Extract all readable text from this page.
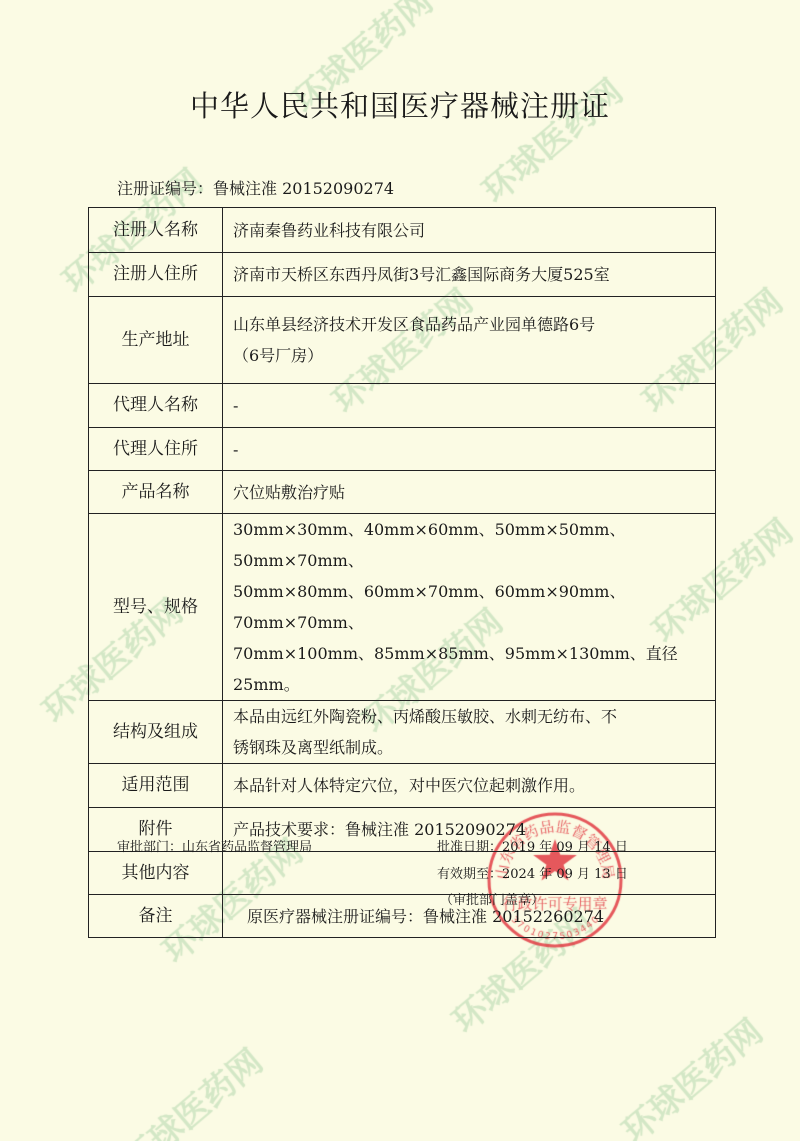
中华人民共和国医疗器械注册证
注册证编号：鲁械注准 20152090274
注册人名称	济南秦鲁药业科技有限公司

注册人住所	济南市天桥区东西丹凤街3号汇鑫国际商务大厦525室

生产地址	山东单县经济技术开发区食品药品产业园单德路6号
（6号厂房）

代理人名称	-

代理人住所	-

产品名称	穴位贴敷治疗贴

型号、规格	30mm×30mm、40mm×60mm、50mm×50mm、50mm×70mm、
50mm×80mm、60mm×70mm、60mm×90mm、70mm×70mm、
70mm×100mm、85mm×85mm、95mm×130mm、直径 25mm。

结构及组成	本品由远红外陶瓷粉、丙烯酸压敏胶、水刺无纺布、不
锈钢珠及离型纸制成。

适用范围	本品针对人体特定穴位，对中医穴位起刺激作用。

附件	产品技术要求：鲁械注准 20152090274

其他内容	

备注	原医疗器械注册证编号：鲁械注准 20152260274
审批部门：山东省药品监督管理局	批准日期：2019 年 09 月 14 日
有效期至：2024 年 09 月 13 日
（审批部门盖章）
